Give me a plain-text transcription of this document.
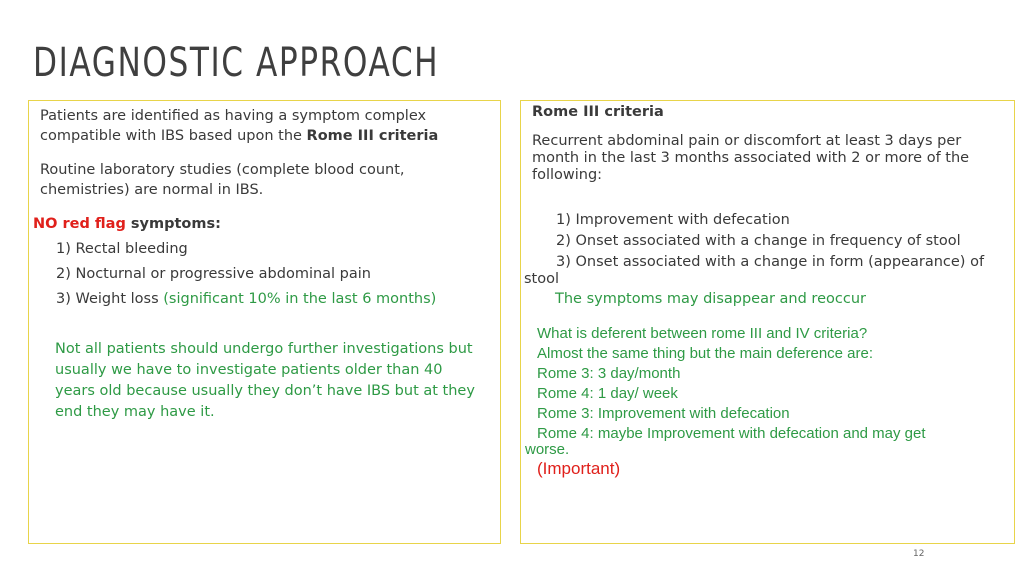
DIAGNOSTIC APPROACH
Patients are identified as having a symptom complex
compatible with IBS based upon the Rome III criteria
Routine laboratory studies (complete blood count,
chemistries) are normal in IBS.
NO red flag symptoms:
1) Rectal bleeding
2) Nocturnal or progressive abdominal pain
3) Weight loss (significant 10% in the last 6 months)
Not all patients should undergo further investigations but
usually we have to investigate patients older than 40
years old because usually they don’t have IBS but at they
end they may have it.
Rome III criteria
Recurrent abdominal pain or discomfort at least 3 days per
month in the last 3 months associated with 2 or more of the
following:
1) Improvement with defecation
2) Onset associated with a change in frequency of stool
3) Onset associated with a change in form (appearance) of
stool
The symptoms may disappear and reoccur
What is deferent between rome III and IV criteria?
Almost the same thing but the main deference are:
Rome 3: 3 day/month
Rome 4: 1 day/ week
Rome 3: Improvement with defecation
Rome 4: maybe Improvement with defecation and may get
worse.
(Important)
12
